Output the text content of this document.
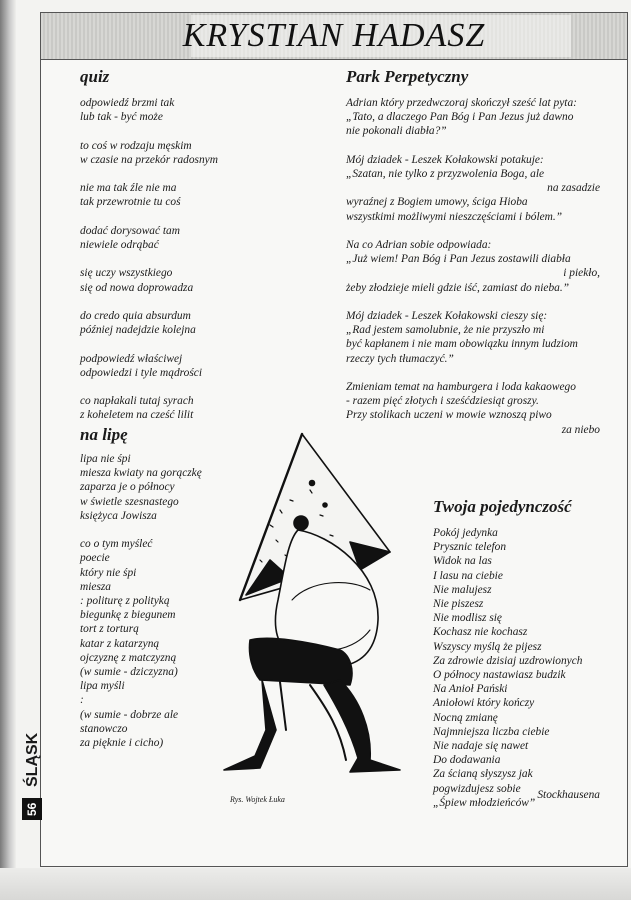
KRYSTIAN HADASZ
quiz

odpowiedź brzmi tak
lub tak - być może

to coś w rodzaju męskim
w czasie na przekór radosnym

nie ma tak źle nie ma
tak przewrotnie tu coś

dodać dorysować tam
niewiele odrąbać

się uczy wszystkiego
się od nowa doprowadza

do credo quia absurdum
później nadejdzie kolejna

podpowiedź właściwej
odpowiedzi i tyle mądrości

co napłakali tutaj syrach
z koheletem na cześć lilit

na lipę

lipa nie śpi
miesza kwiaty na gorączkę
zaparza je o północy
w świetle szesnastego
księżyca Jowisza

co o tym myśleć
poecie
który nie śpi
miesza
: politurę z polityką
biegunkę z biegunem
tort z torturą
katar z katarzyną
ojczyznę z matczyzną
(w sumie - dziczyzna)
lipa myśli
:
(w sumie - dobrze ale
stanowczo
za pięknie i cicho)

Park Perpetyczny
Adrian który przedwczoraj skończył sześć lat pyta:
„Tato, a dlaczego Pan Bóg i Pan Jezus już dawno
nie pokonali diabła?”
Mój dziadek - Leszek Kołakowski potakuje:
„Szatan, nie tylko z przyzwolenia Boga, ale
na zasadzie
wyraźnej z Bogiem umowy, ściga Hioba
wszystkimi możliwymi nieszczęściami i bólem.”
Na co Adrian sobie odpowiada:
„Już wiem! Pan Bóg i Pan Jezus zostawili diabła
i piekło,
żeby złodzieje mieli gdzie iść, zamiast do nieba.”
Mój dziadek - Leszek Kołakowski cieszy się:
„Rad jestem samolubnie, że nie przyszło mi
być kapłanem i nie mam obowiązku innym ludziom
rzeczy tych tłumaczyć.”
Zmieniam temat na hamburgera i loda kakaowego
- razem pięć złotych i sześćdziesiąt groszy.
Przy stolikach uczeni w mowie wznoszą piwo
za niebo
Twoja pojedynczość

Pokój jedynka
Prysznic telefon
Widok na las
I lasu na ciebie
Nie malujesz
Nie piszesz
Nie modlisz się
Kochasz nie kochasz
Wszyscy myślą że pijesz
Za zdrowie dzisiaj uzdrowionych
O północy nastawiasz budzik
Na Anioł Pański
Aniołowi który kończy
Nocną zmianę
Najmniejsza liczba ciebie
Nie nadaje się nawet
Do dodawania
Za ścianą słyszysz jak
pogwizdujesz sobie
„Śpiew młodzieńców”

Stockhausena
Rys. Wojtek Łuka
ŚLĄSK
56
